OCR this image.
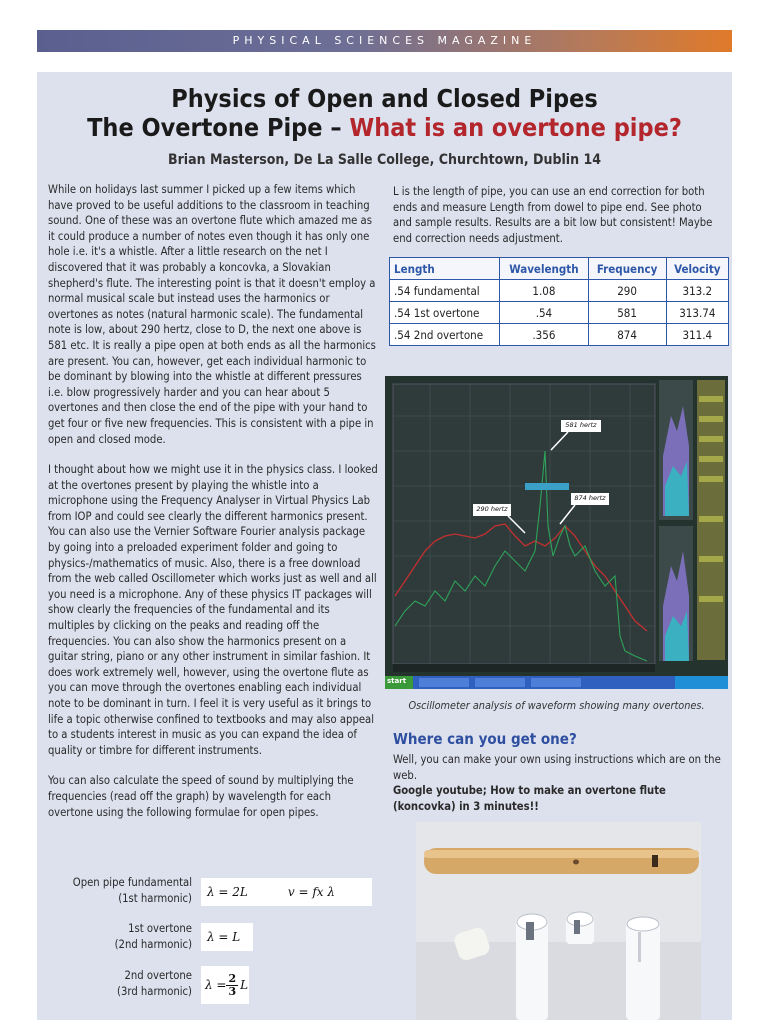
PHYSICAL SCIENCES MAGAZINE
Physics of Open and Closed Pipes
The Overtone Pipe – What is an overtone pipe?
Brian Masterson, De La Salle College, Churchtown, Dublin 14

While on holidays last summer I picked up a few items which have proved to be useful additions to the classroom in teaching sound. One of these was an overtone flute which amazed me as it could produce a number of notes even though it has only one hole i.e. it's a whistle. After a little research on the net I discovered that it was probably a koncovka, a Slovakian shepherd's flute. The interesting point is that it doesn't employ a normal musical scale but instead uses the harmonics or overtones as notes (natural harmonic scale). The fundamental note is low, about 290 hertz, close to D, the next one above is 581 etc. It is really a pipe open at both ends as all the harmonics are present. You can, however, get each individual harmonic to be dominant by blowing into the whistle at different pressures i.e. blow progressively harder and you can hear about 5 overtones and then close the end of the pipe with your hand to get four or five new frequencies. This is consistent with a pipe in open and closed mode.

I thought about how we might use it in the physics class. I looked at the overtones present by playing the whistle into a microphone using the Frequency Analyser in Virtual Physics Lab from IOP and could see clearly the different harmonics present. You can also use the Vernier Software Fourier analysis package by going into a preloaded experiment folder and going to physics-/mathematics of music. Also, there is a free download from the web called Oscillometer which works just as well and all you need is a microphone. Any of these physics IT packages will show clearly the frequencies of the fundamental and its multiples by clicking on the peaks and reading off the frequencies. You can also show the harmonics present on a guitar string, piano or any other instrument in similar fashion. It does work extremely well, however, using the overtone flute as you can move through the overtones enabling each individual note to be dominant in turn. I feel it is very useful as it brings to life a topic otherwise confined to textbooks and may also appeal to a students interest in music as you can expand the idea of quality or timbre for different instruments.

You can also calculate the speed of sound by multiplying the frequencies (read off the graph) by wavelength for each overtone using the following formulae for open pipes.

Open pipe fundamental
(1st harmonic) λ = 2L	v = fx λ
1st overtone
(2nd harmonic)
λ = L
2nd overtone
(3rd harmonic) $\lambda = \frac{2}{3}$ L

L is the length of pipe, you can use an end correction for both ends and measure Length from dowel to pipe end. See photo and sample results. Results are a bit low but consistent! Maybe end correction needs adjustment.

Length	Wavelength	Frequency	Velocity
.54 fundamental	1.08	290	313.2
.54 1st overtone	.54	581	313.74
.54 2nd overtone	.356	874	311.4
581 hertz
290 hertz
874 hertz
start
Oscillometer analysis of waveform showing many overtones.
Where can you get one?

Well, you can make your own using instructions which are on the web.

Google youtube; How to make an overtone flute (koncovka) in 3 minutes!!
